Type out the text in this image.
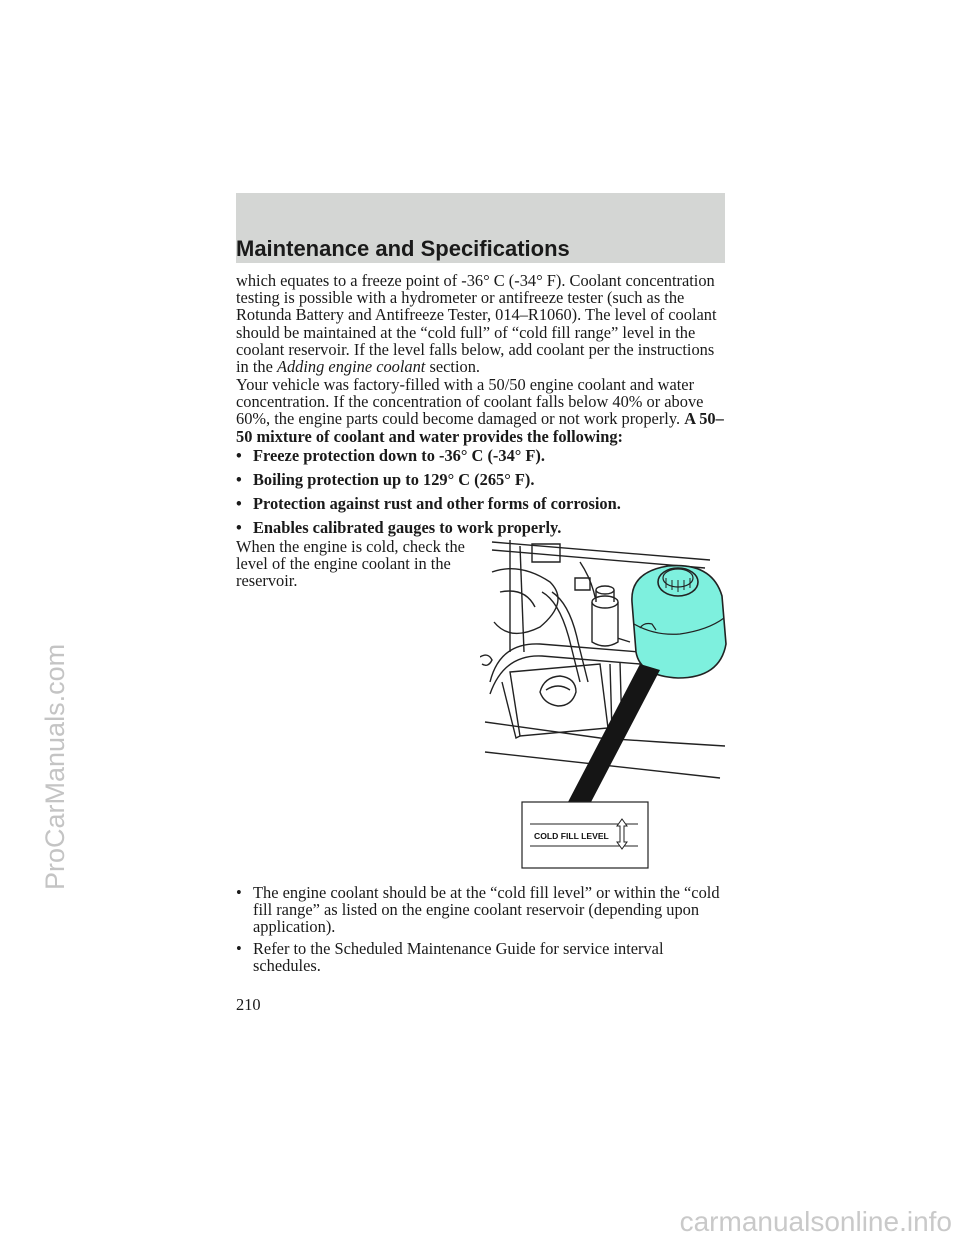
Maintenance and Specifications

which equates to a freeze point of -36° C (-34° F). Coolant concentration testing is possible with a hydrometer or antifreeze tester (such as the Rotunda Battery and Antifreeze Tester, 014–R1060). The level of coolant should be maintained at the “cold full” of “cold fill range” level in the coolant reservoir. If the level falls below, add coolant per the instructions in the Adding engine coolant section.

Your vehicle was factory-filled with a 50/50 engine coolant and water concentration. If the concentration of coolant falls below 40% or above 60%, the engine parts could become damaged or not work properly. A 50–50 mixture of coolant and water provides the following:

• Freeze protection down to -36° C (-34° F).
• Boiling protection up to 129° C (265° F).
• Protection against rust and other forms of corrosion.
• Enables calibrated gauges to work properly.

When the engine is cold, check the level of the engine coolant in the reservoir.

COLD FILL LEVEL
• The engine coolant should be at the “cold fill level” or within the “cold fill range” as listed on the engine coolant reservoir (depending upon application).
• Refer to the Scheduled Maintenance Guide for service interval schedules.
210
ProCarManuals.com
carmanualsonline.info
